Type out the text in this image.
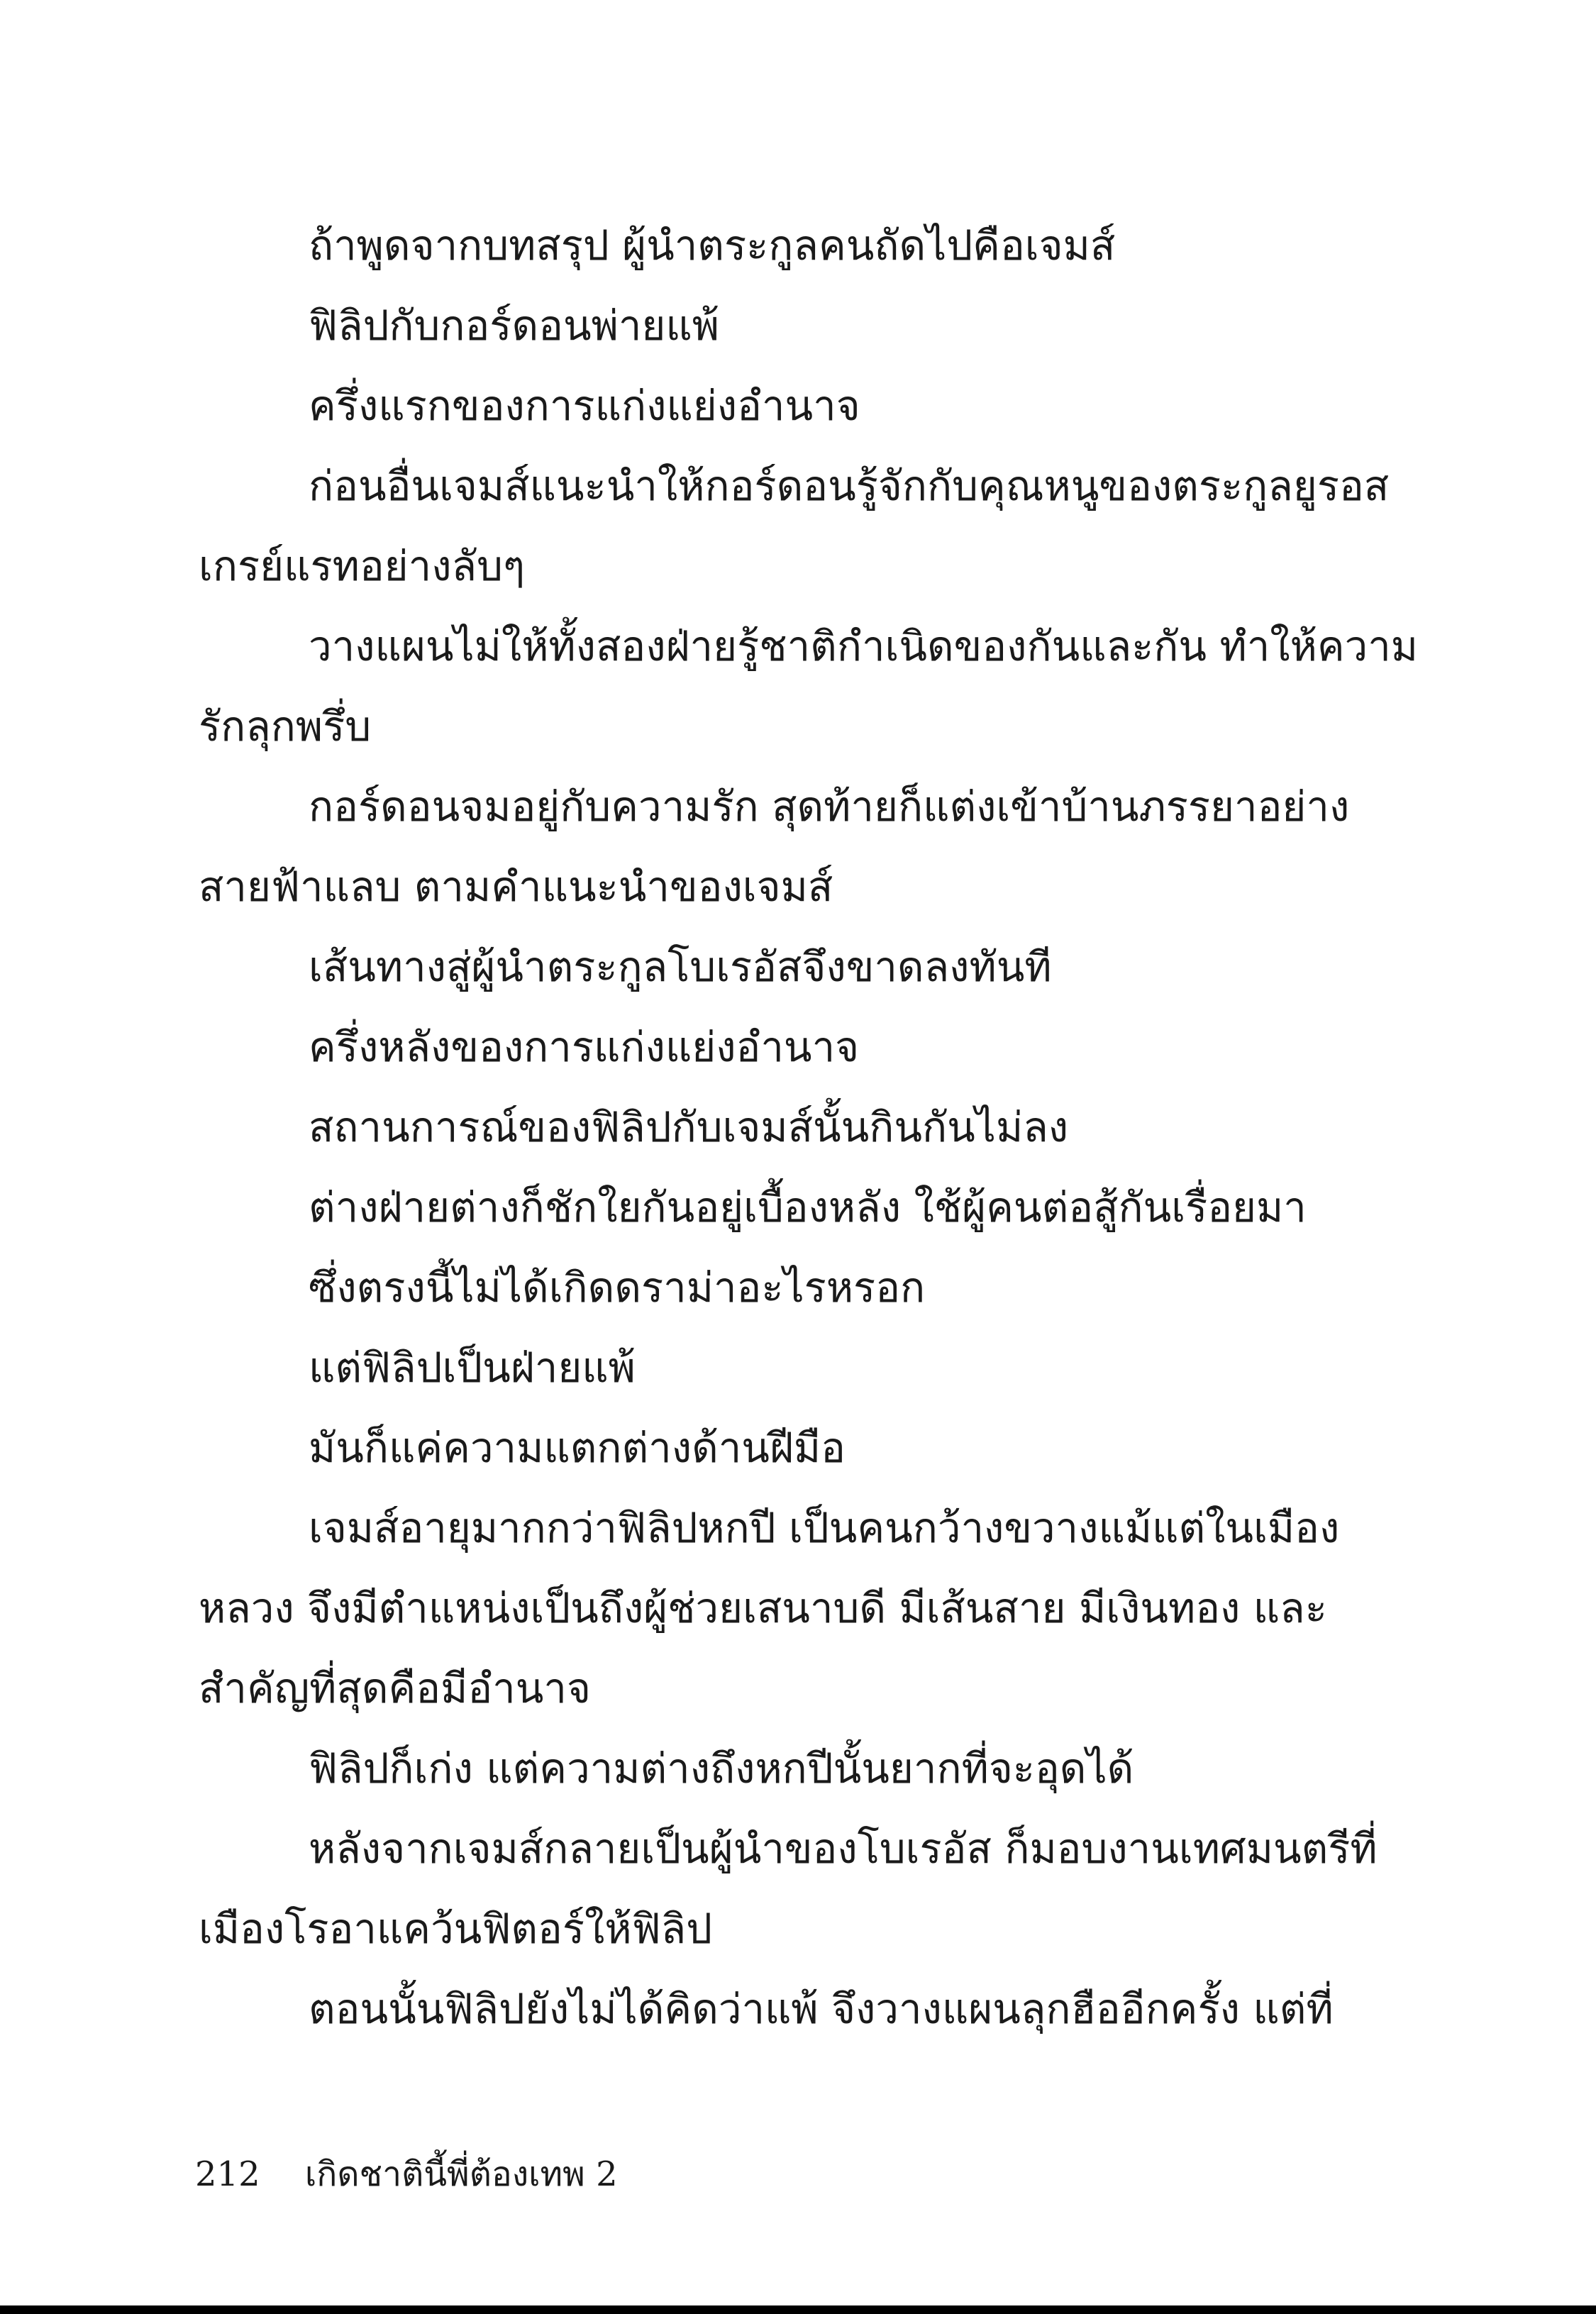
ถ้าพูดจากบทสรุป ผู้นำตระกูลคนถัดไปคือเจมส์
ฟิลิปกับกอร์ดอนพ่ายแพ้
ครึ่งแรกของการแก่งแย่งอำนาจ
ก่อนอื่นเจมส์แนะนำให้กอร์ดอนรู้จักกับคุณหนูของตระกูลยูรอส
เกรย์แรทอย่างลับๆ
วางแผนไม่ให้ทั้งสองฝ่ายรู้ชาติกำเนิดของกันและกัน ทำให้ความ
รักลุกพรึ่บ
กอร์ดอนจมอยู่กับความรัก สุดท้ายก็แต่งเข้าบ้านภรรยาอย่าง
สายฟ้าแลบ ตามคำแนะนำของเจมส์
เส้นทางสู่ผู้นำตระกูลโบเรอัสจึงขาดลงทันที
ครึ่งหลังของการแก่งแย่งอำนาจ
สถานการณ์ของฟิลิปกับเจมส์นั้นกินกันไม่ลง
ต่างฝ่ายต่างก็ชักใยกันอยู่เบื้องหลัง ใช้ผู้คนต่อสู้กันเรื่อยมา
ซึ่งตรงนี้ไม่ได้เกิดดราม่าอะไรหรอก
แต่ฟิลิปเป็นฝ่ายแพ้
มันก็แค่ความแตกต่างด้านฝีมือ
เจมส์อายุมากกว่าฟิลิปหกปี เป็นคนกว้างขวางแม้แต่ในเมือง
หลวง จึงมีตำแหน่งเป็นถึงผู้ช่วยเสนาบดี มีเส้นสาย มีเงินทอง และ
สำคัญที่สุดคือมีอำนาจ
ฟิลิปก็เก่ง แต่ความต่างถึงหกปีนั้นยากที่จะอุดได้
หลังจากเจมส์กลายเป็นผู้นำของโบเรอัส ก็มอบงานเทศมนตรีที่
เมืองโรอาแคว้นฟิตอร์ให้ฟิลิป
ตอนนั้นฟิลิปยังไม่ได้คิดว่าแพ้ จึงวางแผนลุกฮืออีกครั้ง แต่ที่
212 เกิดชาตินี้พี่ต้องเทพ 2
